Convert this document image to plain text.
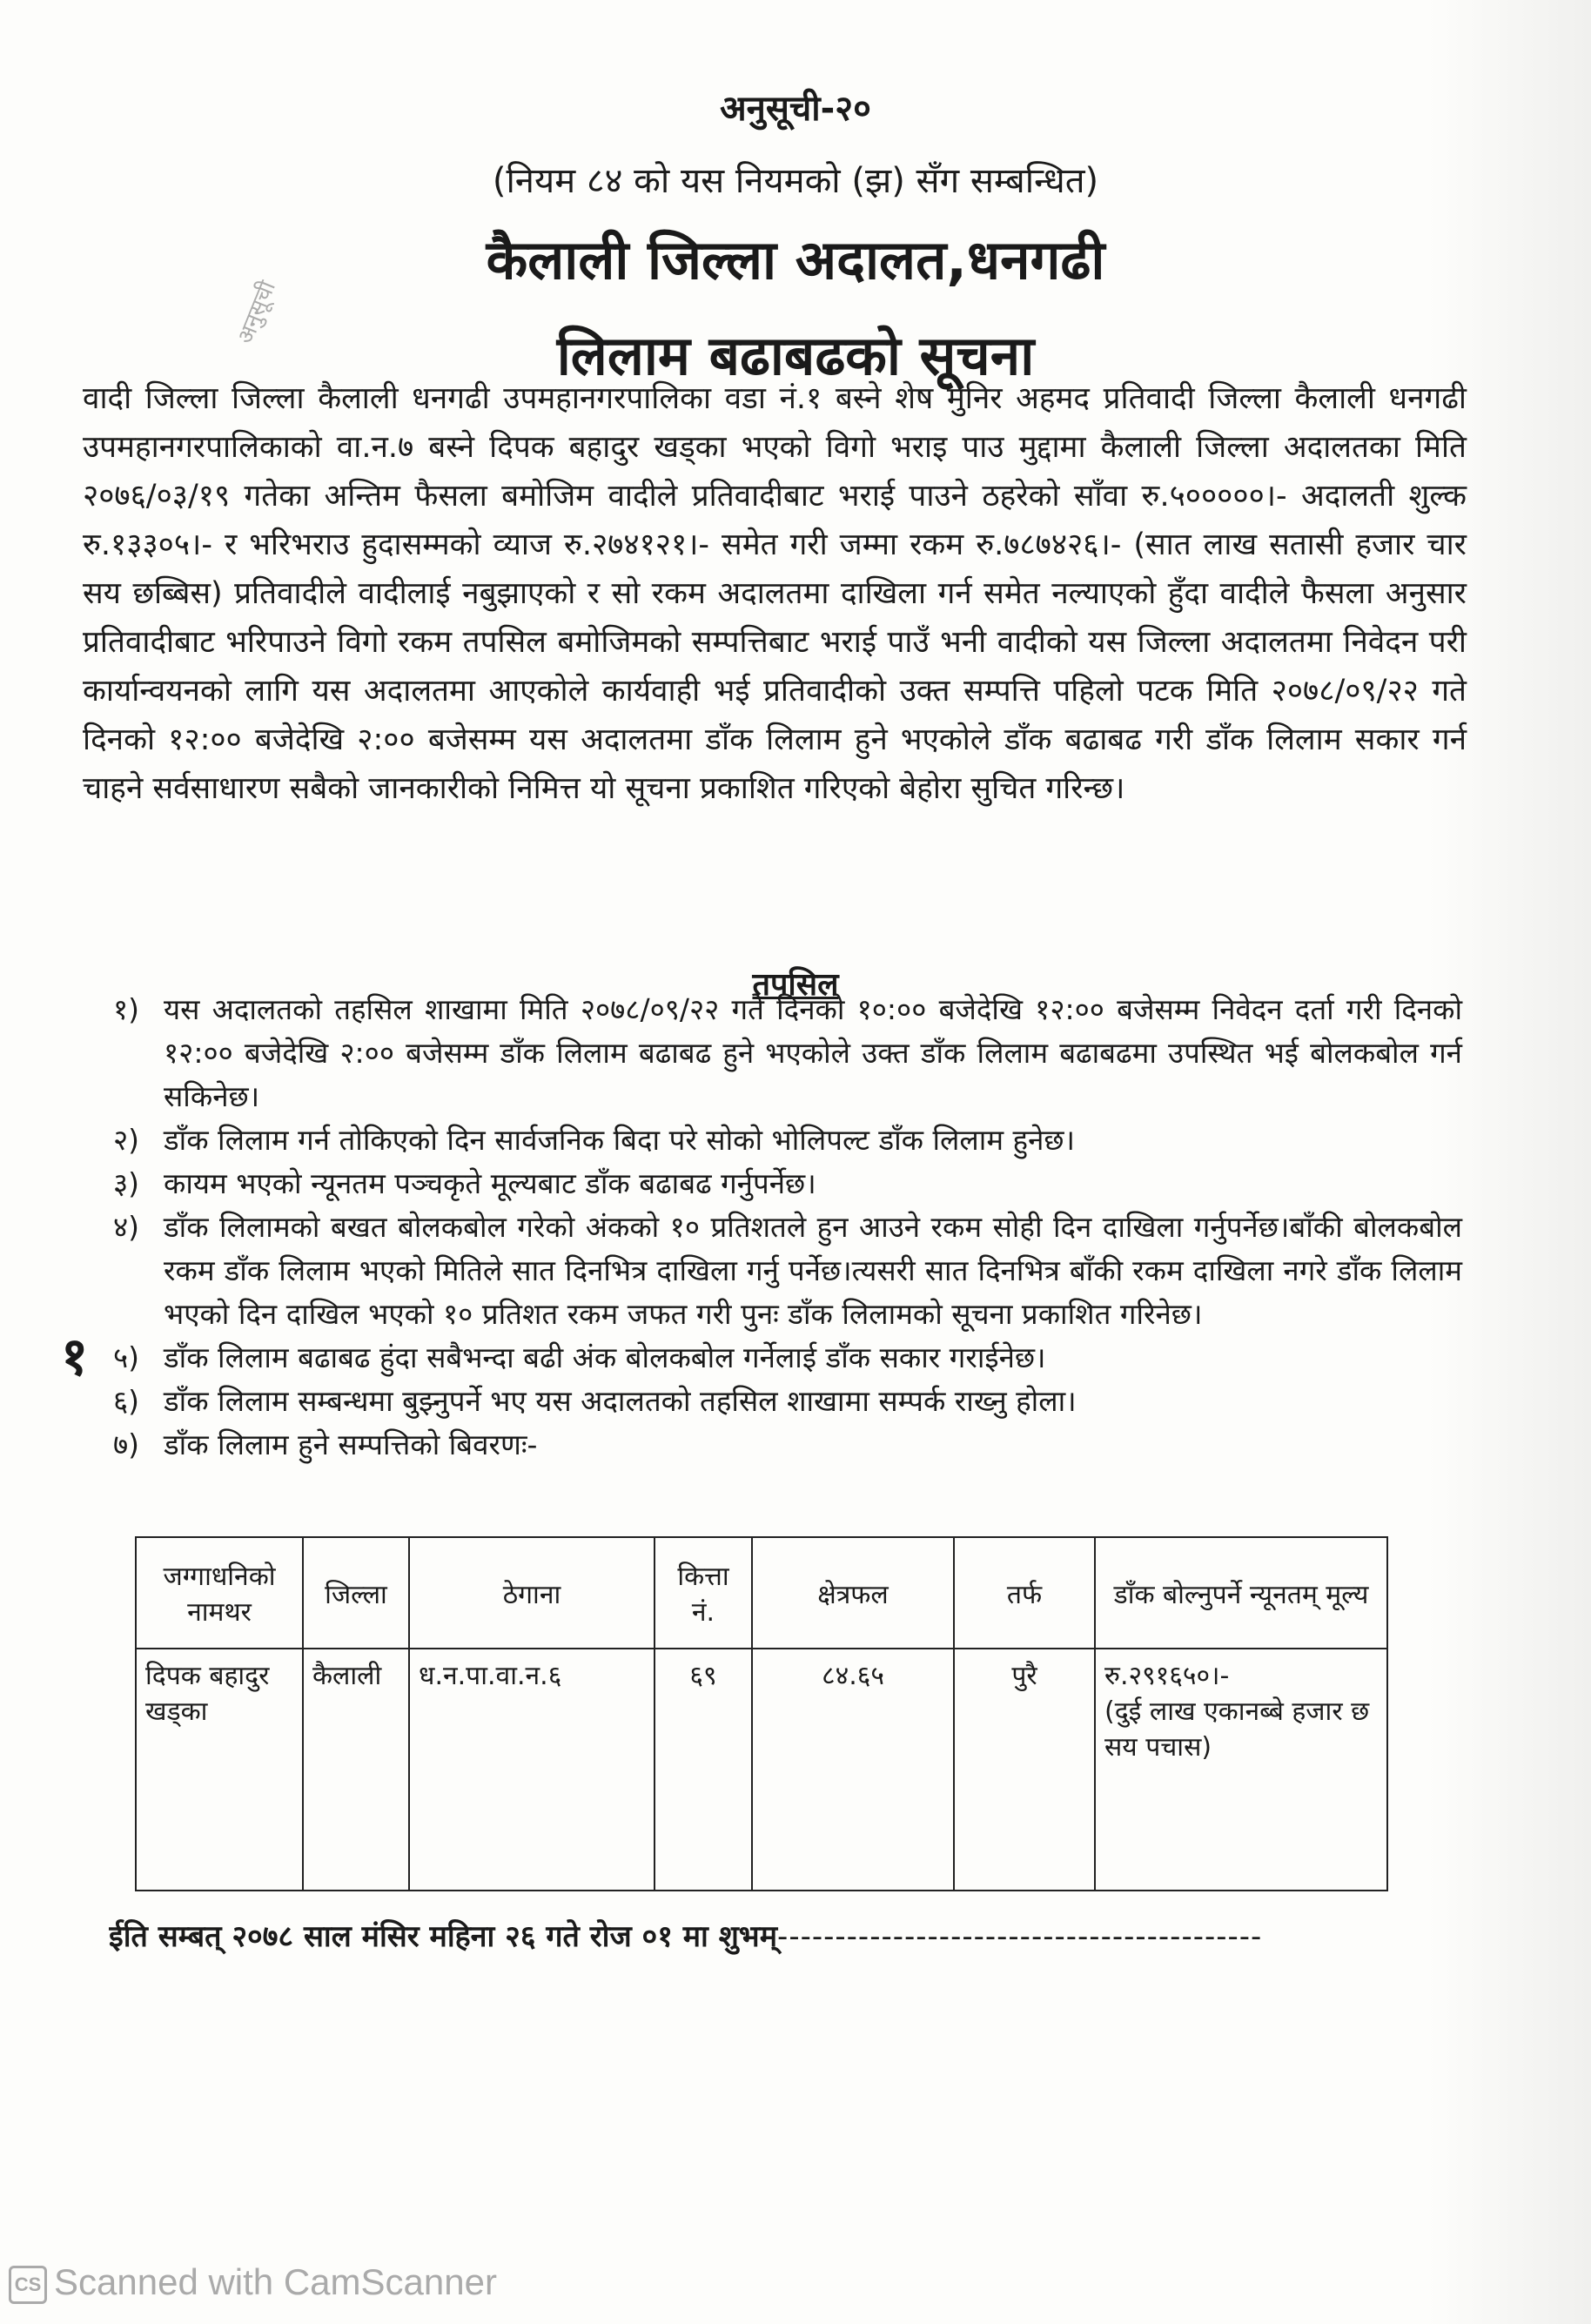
अनुसूची-२०
(नियम ८४ को यस नियमको (झ) सँग सम्बन्धित)
कैलाली जिल्ला अदालत,धनगढी
लिलाम बढाबढको सूचना
अनुसूची
वादी जिल्ला जिल्ला कैलाली धनगढी उपमहानगरपालिका वडा नं.१ बस्ने शेष मुनिर अहमद प्रतिवादी जिल्ला कैलाली धनगढी उपमहानगरपालिकाको वा.न.७ बस्ने दिपक बहादुर खड्का भएको विगो भराइ पाउ मुद्दामा कैलाली जिल्ला अदालतका मिति २०७६/०३/१९ गतेका अन्तिम फैसला बमोजिम वादीले प्रतिवादीबाट भराई पाउने ठहरेको साँवा रु.५०००००।- अदालती शुल्क रु.१३३०५।- र भरिभराउ हुदासम्मको व्याज रु.२७४१२१।- समेत गरी जम्मा रकम रु.७८७४२६।- (सात लाख सतासी हजार चार सय छब्बिस) प्रतिवादीले वादीलाई नबुझाएको र सो रकम अदालतमा दाखिला गर्न समेत नल्याएको हुँदा वादीले फैसला अनुसार प्रतिवादीबाट भरिपाउने विगो रकम तपसिल बमोजिमको सम्पत्तिबाट भराई पाउँ भनी वादीको यस जिल्ला अदालतमा निवेदन परी कार्यान्वयनको लागि यस अदालतमा आएकोले कार्यवाही भई प्रतिवादीको उक्त सम्पत्ति पहिलो पटक मिति २०७८/०९/२२ गते दिनको १२:०० बजेदेखि २:०० बजेसम्म यस अदालतमा डाँक लिलाम हुने भएकोले डाँक बढाबढ गरी डाँक लिलाम सकार गर्न चाहने सर्वसाधारण सबैको जानकारीको निमित्त यो सूचना प्रकाशित गरिएको बेहोरा सुचित गरिन्छ।
तपसिल
१
१) यस अदालतको तहसिल शाखामा मिति २०७८/०९/२२ गते दिनको १०:०० बजेदेखि १२:०० बजेसम्म निवेदन दर्ता गरी दिनको १२:०० बजेदेखि २:०० बजेसम्म डाँक लिलाम बढाबढ हुने भएकोले उक्त डाँक लिलाम बढाबढमा उपस्थित भई बोलकबोल गर्न सकिनेछ।
२) डाँक लिलाम गर्न तोकिएको दिन सार्वजनिक बिदा परे सोको भोलिपल्ट डाँक लिलाम हुनेछ।
३) कायम भएको न्यूनतम पञ्चकृते मूल्यबाट डाँक बढाबढ गर्नुपर्नेछ।
४) डाँक लिलामको बखत बोलकबोल गरेको अंकको १० प्रतिशतले हुन आउने रकम सोही दिन दाखिला गर्नुपर्नेछ।बाँकी बोलकबोल रकम डाँक लिलाम भएको मितिले सात दिनभित्र दाखिला गर्नु पर्नेछ।त्यसरी सात दिनभित्र बाँकी रकम दाखिला नगरे डाँक लिलाम भएको दिन दाखिल भएको १० प्रतिशत रकम जफत गरी पुनः डाँक लिलामको सूचना प्रकाशित गरिनेछ।
५) डाँक लिलाम बढाबढ हुंदा सबैभन्दा बढी अंक बोलकबोल गर्नेलाई डाँक सकार गराईनेछ।
६) डाँक लिलाम सम्बन्धमा बुझ्नुपर्ने भए यस अदालतको तहसिल शाखामा सम्पर्क राख्नु होला।
७) डाँक लिलाम हुने सम्पत्तिको बिवरणः-
जग्गाधनिको नामथर	जिल्ला	ठेगाना	कित्ता नं.	क्षेत्रफल	तर्फ	डाँक बोल्नुपर्ने न्यूनतम् मूल्य
दिपक बहादुर खड्का	कैलाली	ध.न.पा.वा.न.६	६९	८४.६५	पुरै	रु.२९१६५०।-
(दुई लाख एकानब्बे हजार छ सय पचास)
ईति सम्बत् २०७८ साल मंसिर महिना २६ गते रोज ०१ मा शुभम्------------------------------------------
CS Scanned with CamScanner
